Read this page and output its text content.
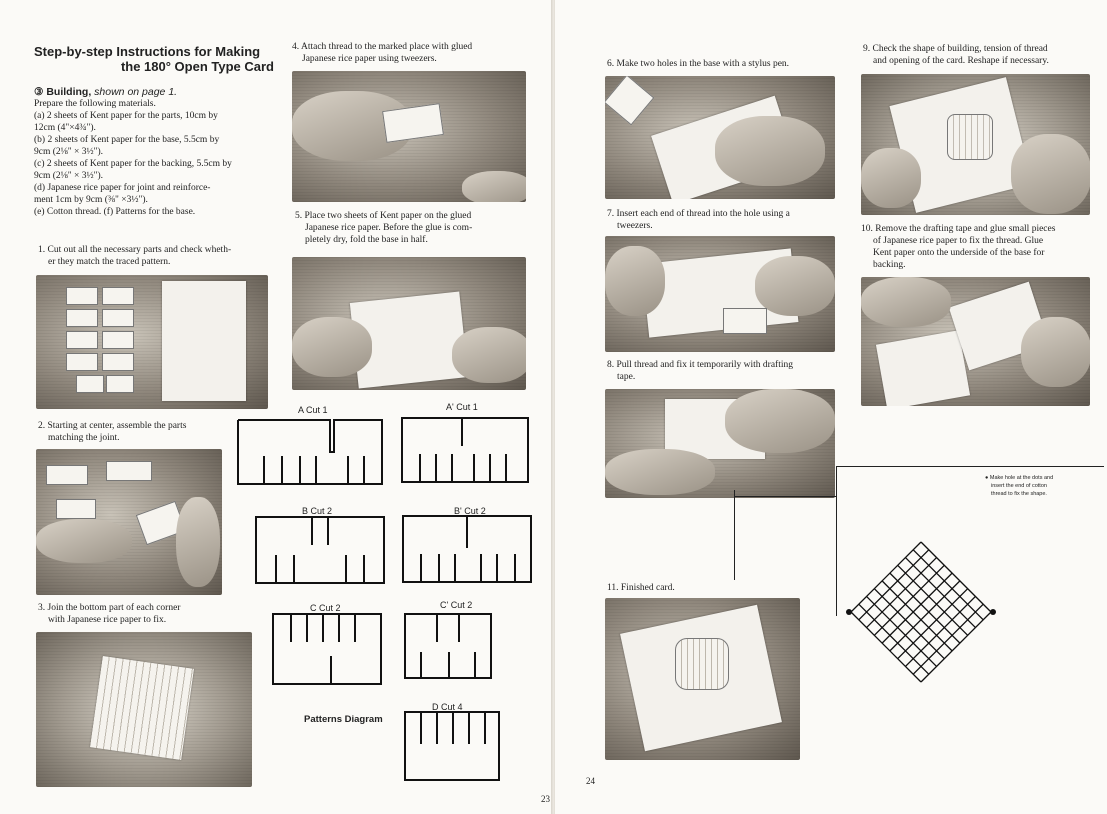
Step-by-step Instructions for Making
the 180° Open Type Card
③ Building, shown on page 1.
Prepare the following materials.
(a) 2 sheets of Kent paper for the parts, 10cm by
12cm (4"×4¾").
(b) 2 sheets of Kent paper for the base, 5.5cm by
9cm (2⅛" × 3½").
(c) 2 sheets of Kent paper for the backing, 5.5cm by
9cm (2⅛" × 3½").
(d) Japanese rice paper for joint and reinforce-
ment 1cm by 9cm (⅜" ×3½").
(e) Cotton thread. (f) Patterns for the base.
1. Cut out all the necessary parts and check wheth-
er they match the traced pattern.
2. Starting at center, assemble the parts
matching the joint.
3. Join the bottom part of each corner
with Japanese rice paper to fix.
4. Attach thread to the marked place with glued
Japanese rice paper using tweezers.
5. Place two sheets of Kent paper on the glued
Japanese rice paper. Before the glue is com-
pletely dry, fold the base in half.
A Cut 1	A' Cut 1
B Cut 2	B' Cut 2
C Cut 2	C' Cut 2
D Cut 4
Patterns Diagram
23
6. Make two holes in the base with a stylus pen.
7. Insert each end of thread into the hole using a
tweezers.
8. Pull thread and fix it temporarily with drafting
tape.
9. Check the shape of building, tension of thread
and opening of the card. Reshape if necessary.
10. Remove the drafting tape and glue small pieces
of Japanese rice paper to fix the thread. Glue
Kent paper onto the underside of the base for
backing.
● Make hole at the dots and
insert the end of cotton
thread to fix the shape.
11. Finished card.
24
